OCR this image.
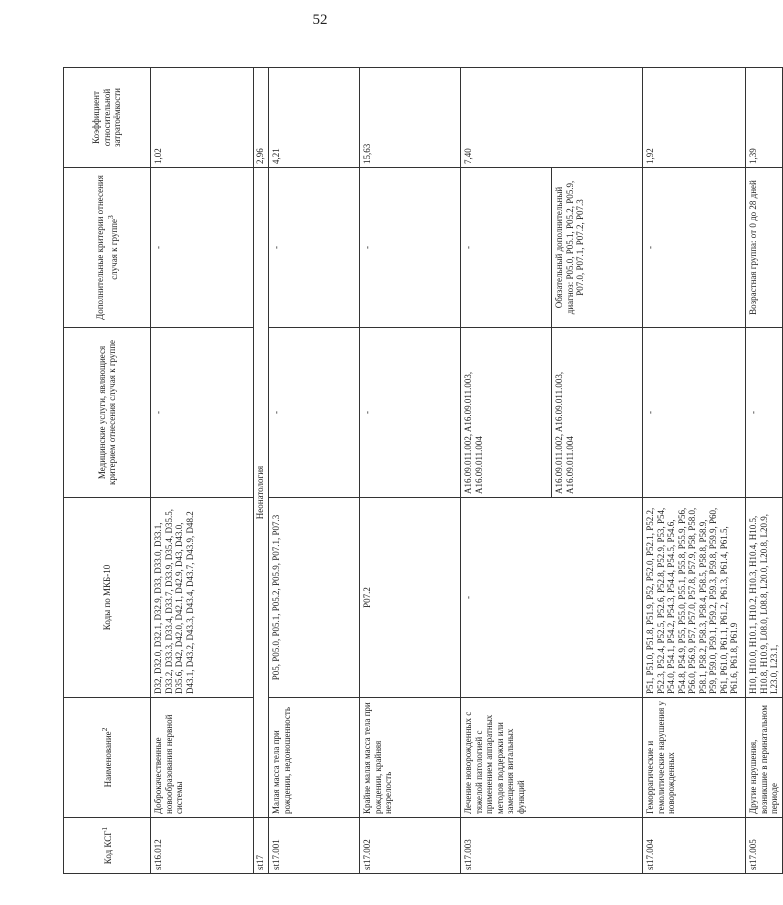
52
Код КСГ$^1$	Наименование$^2$	Коды по МКБ-10	Медицинские услуги, являющиеся критерием отнесения случая к группе	Дополнительные критерии отнесения случая к группе$^3$	Коэффициент относительной затратоёмкости
st16.012	Доброкачественные новообразования нервной системы	D32, D32.0, D32.1, D32.9, D33, D33.0, D33.1, D33.2, D33.3, D33.4, D33.7, D33.9, D35.4, D35.5, D35.6, D42, D42.0, D42.1, D42.9, D43, D43.0, D43.1, D43.2, D43.3, D43.4, D43.7, D43.9, D48.2	-	-	1,02
st17	Неонатология				2,96
st17.001	Малая масса тела при рождении, недоношенность	P05, P05.0, P05.1, P05.2, P05.9, P07.1, P07.3	-	-	4,21
st17.002	Крайне малая масса тела при рождении, крайняя незрелость	P07.2	-	-	15,63
st17.003	Лечение новорожденных с тяжелой патологией с применением аппаратных методов поддержки или замещения витальных функций	-	A16.09.011.002, A16.09.011.003, A16.09.011.004	-	7,40
			A16.09.011.002, A16.09.011.003, A16.09.011.004	Обязательный дополнительный диагноз: P05.0, P05.1, P05.2, P05.9, P07.0, P07.1, P07.2, P07.3	
st17.004	Геморрагические и гемолитические нарушения у новорожденных	P51, P51.0, P51.8, P51.9, P52, P52.0, P52.1, P52.2, P52.3, P52.4, P52.5, P52.6, P52.8, P52.9, P53, P54, P54.0, P54.1, P54.2, P54.3, P54.4, P54.5, P54.6, P54.8, P54.9, P55, P55.0, P55.1, P55.8, P55.9, P56, P56.0, P56.9, P57, P57.0, P57.8, P57.9, P58, P58.0, P58.1, P58.2, P58.3, P58.4, P58.5, P58.8, P58.9, P59, P59.0, P59.1, P59.2, P59.3, P59.8, P59.9, P60, P61, P61.0, P61.1, P61.2, P61.3, P61.4, P61.5, P61.6, P61.8, P61.9	-	-	1,92
st17.005	Другие нарушения, возникшие в перинатальном периоде	H10, H10.0, H10.1, H10.2, H10.3, H10.4, H10.5, H10.8, H10.9, L08.0, L08.8, L20.0, L20.8, L20.9, L23.0, L23.1,	-	Возрастная группа: от 0 до 28 дней	1,39
